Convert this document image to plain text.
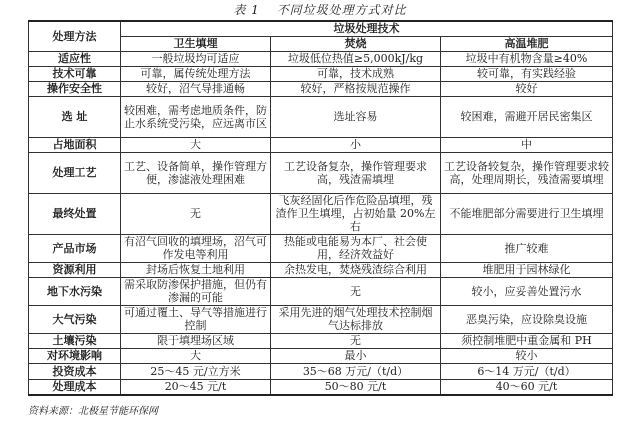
表 1 不同垃圾处理方式对比
处理方法	垃圾处理技术		
	卫生填埋	焚烧	高温堆肥
适应性	一般垃圾均可适应	垃圾低位热值≥5,000kJ/kg	垃圾中有机物含量≥40%
技术可靠	可靠，属传统处理方法	可靠，技术成熟	较可靠，有实践经验
操作安全性	较好，沼气导排通畅	较好，严格按规范操作	较好
选 址	较困难，需考虑地质条件，防止水系统受污染，应远离市区	选址容易	较困难，需避开居民密集区
占地面积	大	小	中
处理工艺	工艺、设备简单，操作管理方便，渗滤液处理困难	工艺设备复杂，操作管理要求高，残渣需填埋	工艺设备较复杂，操作管理要求较高，处理周期长，残渣需要填埋
最终处置	无	飞灰经固化后作危险品填埋，残渣作卫生填埋，占初始量 20%左右	不能堆肥部分需要进行卫生填埋
产品市场	有沼气回收的填埋场，沼气可作发电等利用	热能或电能易为本厂、社会使用，经济效益好	推广较难
资源利用	封场后恢复土地利用	余热发电，焚烧残渣综合利用	堆肥用于园林绿化
地下水污染	需采取防渗保护措施，但仍有渗漏的可能	无	较小，应妥善处置污水
大气污染	可通过覆土、导气等措施进行控制	采用先进的烟气处理技术控制烟气达标排放	恶臭污染，应设除臭设施
土壤污染	限于填埋场区域	无	须控制堆肥中重金属和 PH
对环境影响	大	最小	较小
投资成本	25～45 元/立方米	35～68 万元/（t/d）	6～14 万元/（t/d）
处理成本	20～45 元/t	50～80 元/t	40～60 元/t
资料来源：北极星节能环保网
